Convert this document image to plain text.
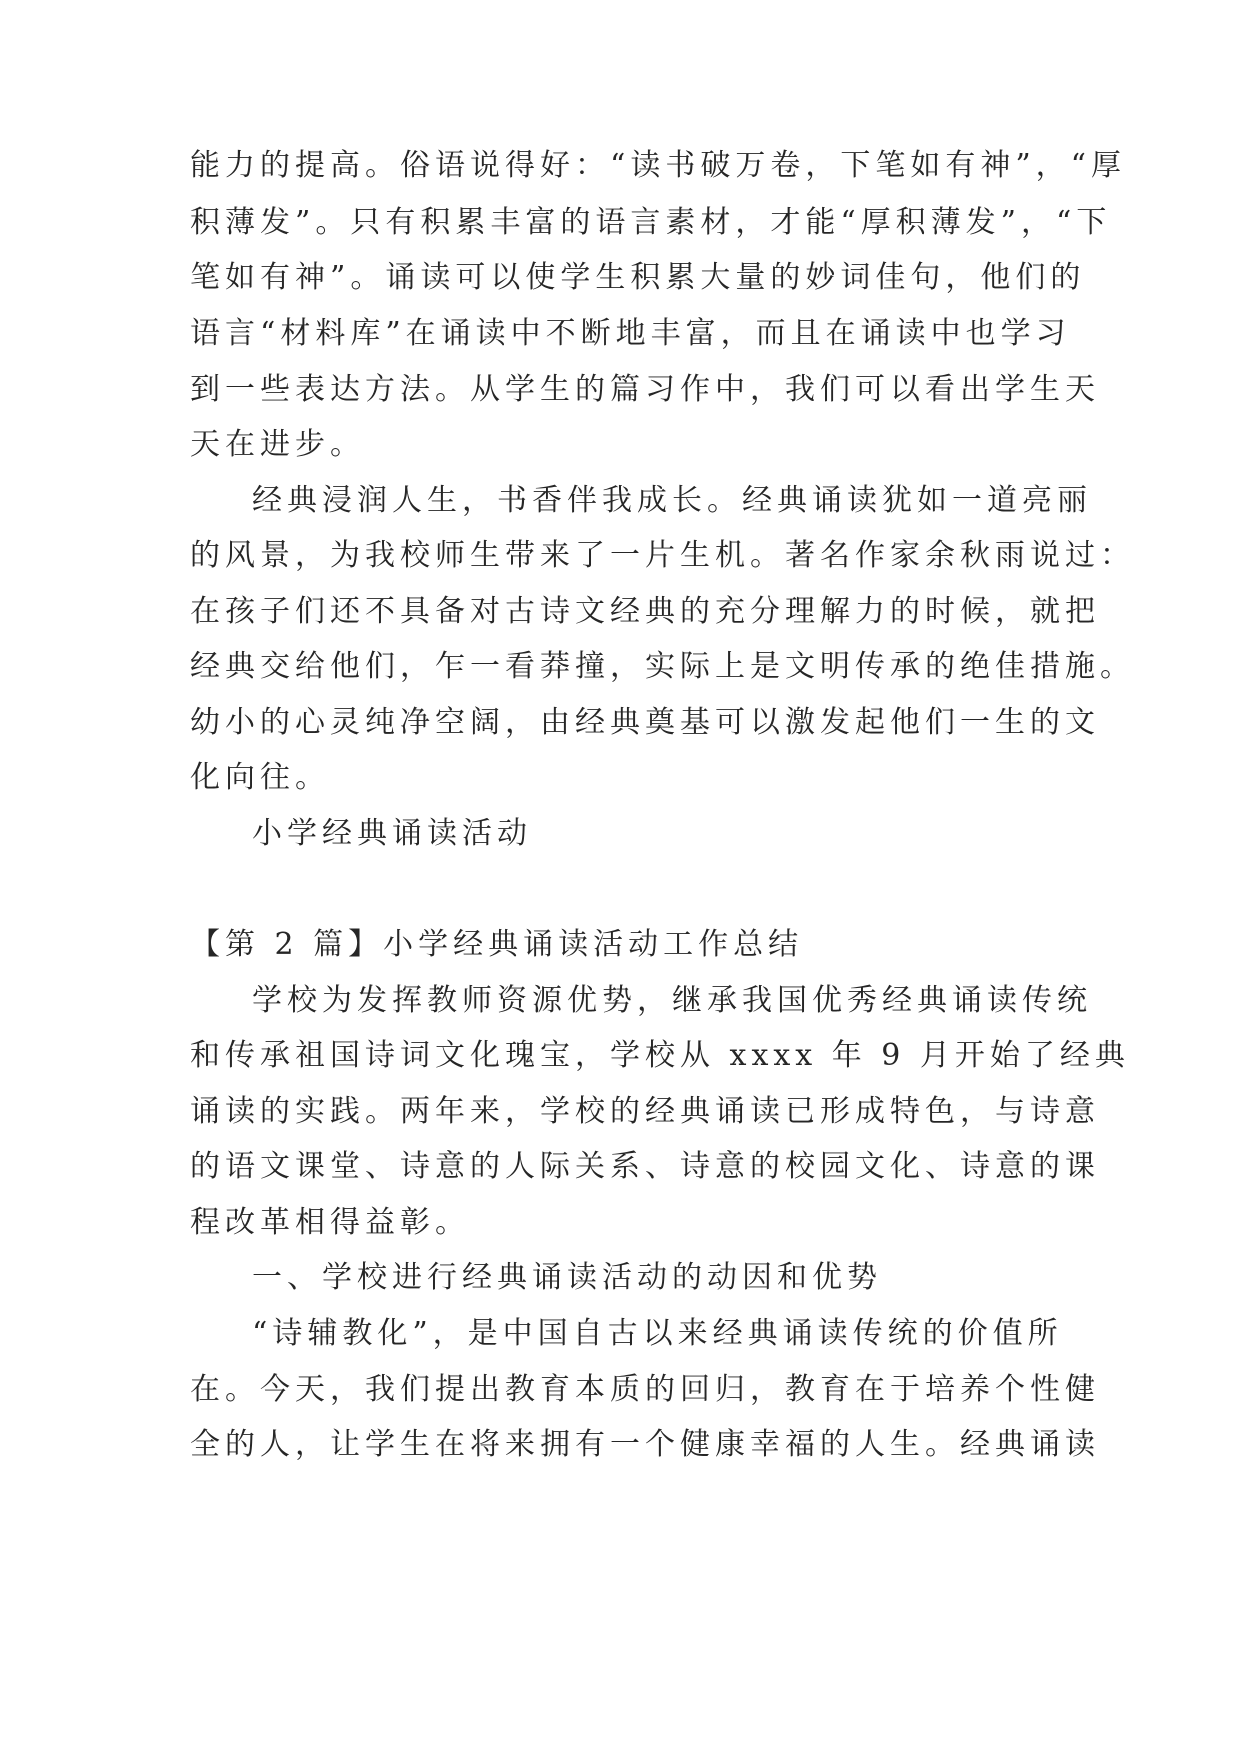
能力的提高。俗语说得好：“读书破万卷，下笔如有神”，“厚
积薄发”。只有积累丰富的语言素材，才能“厚积薄发”，“下
笔如有神”。诵读可以使学生积累大量的妙词佳句，他们的
语言“材料库”在诵读中不断地丰富，而且在诵读中也学习
到一些表达方法。从学生的篇习作中，我们可以看出学生天
天在进步。
经典浸润人生，书香伴我成长。经典诵读犹如一道亮丽
的风景，为我校师生带来了一片生机。著名作家余秋雨说过：
在孩子们还不具备对古诗文经典的充分理解力的时候，就把
经典交给他们，乍一看莽撞，实际上是文明传承的绝佳措施。
幼小的心灵纯净空阔，由经典奠基可以激发起他们一生的文
化向往。
小学经典诵读活动
【第 2 篇】小学经典诵读活动工作总结
学校为发挥教师资源优势，继承我国优秀经典诵读传统
和传承祖国诗词文化瑰宝，学校从 xxxx 年 9 月开始了经典
诵读的实践。两年来，学校的经典诵读已形成特色，与诗意
的语文课堂、诗意的人际关系、诗意的校园文化、诗意的课
程改革相得益彰。
一、学校进行经典诵读活动的动因和优势
“诗辅教化”，是中国自古以来经典诵读传统的价值所
在。今天，我们提出教育本质的回归，教育在于培养个性健
全的人，让学生在将来拥有一个健康幸福的人生。经典诵读
